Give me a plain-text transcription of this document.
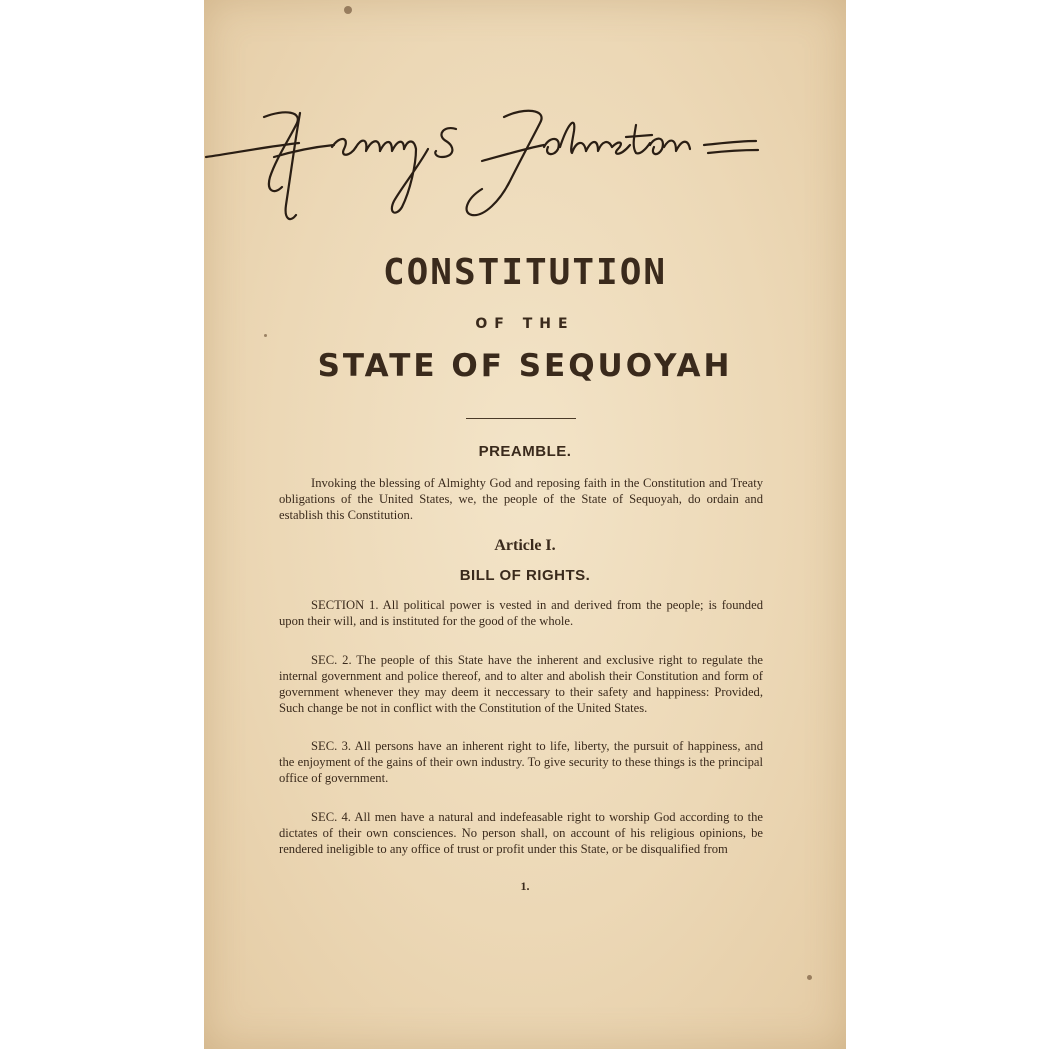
CONSTITUTION
OF THE
STATE OF SEQUOYAH
PREAMBLE.

Invoking the blessing of Almighty God and reposing faith in the Constitution and Treaty obligations of the United States, we, the people of the State of Sequoyah, do ordain and establish this Constitution.

Article I.
BILL OF RIGHTS.

SECTION 1. All political power is vested in and derived from the people; is founded upon their will, and is instituted for the good of the whole.

SEC. 2. The people of this State have the inherent and exclusive right to regulate the internal government and police thereof, and to alter and abolish their Constitution and form of government whenever they may deem it neccessary to their safety and happiness: Provided, Such change be not in conflict with the Constitution of the United States.

SEC. 3. All persons have an inherent right to life, liberty, the pursuit of happiness, and the enjoyment of the gains of their own industry. To give security to these things is the principal office of government.

SEC. 4. All men have a natural and indefeasable right to worship God according to the dictates of their own consciences. No person shall, on account of his religious opinions, be rendered ineligible to any office of trust or profit under this State, or be disqualified from

1.
